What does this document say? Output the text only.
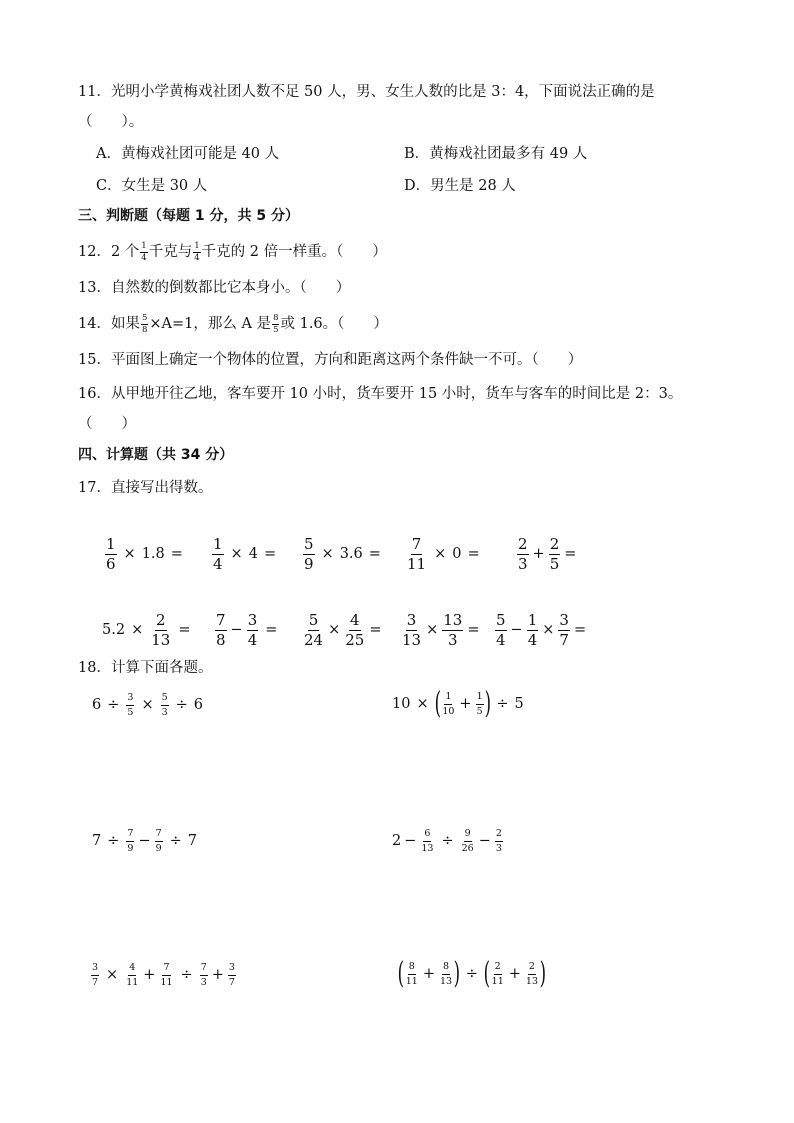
11．光明小学黄梅戏社团人数不足 50 人，男、女生人数的比是 3：4，下面说法正确的是
（　　）。
A．黄梅戏社团可能是 40 人	B．黄梅戏社团最多有 49 人
C．女生是 30 人	D．男生是 28 人
三、判断题（每题 1 分，共 5 分）
12．2 个 $\frac{1}{4}$ 千克与 $\frac{1}{4}$ 千克的 2 倍一样重。（　　）
13．自然数的倒数都比它本身小。（　　）
14．如果 $\frac{5}{8} \times A=1$，那么 A 是 $\frac{8}{5}$ 或 1.6。（　　）
15．平面图上确定一个物体的位置，方向和距离这两个条件缺一不可。（　　）
16．从甲地开往乙地，客车要开 10 小时，货车要开 15 小时，货车与客车的时间比是 2：3。
（　　）
四、计算题（共 34 分）
17．直接写出得数。
$\frac{1}{6} \times 1.8 = \frac{1}{4} \times 4 = \frac{5}{9} \times 3.6 = \frac{7}{11} \times 0 = \frac{2}{3} + \frac{2}{5}$ =
$5.2 \times \frac{2}{13} = \frac{7}{8} - \frac{3}{4} = \frac{5}{24} \times \frac{4}{25} = \frac{3}{13} \times \frac{13}{3} = \frac{5}{4} - \frac{1}{4} \times \frac{3}{7}$ =
18．计算下面各题。
$6 \div \frac{3}{5} \times \frac{5}{3} \div 6$	10 × ( $\frac{1}{10} + \frac{1}{5}$ ) ÷ 5
$7 \div \frac{7}{9} - \frac{7}{9} \div 7$	$2 - \frac{6}{13} \div \frac{9}{26} - \frac{2}{3}$
$\frac{3}{7} \times \frac{4}{11} + \frac{7}{11} \div \frac{7}{3} + \frac{3}{7}$	( $\frac{8}{11} + \frac{8}{13}$ ) ÷ ( $\frac{2}{11} + \frac{2}{13}$ )
